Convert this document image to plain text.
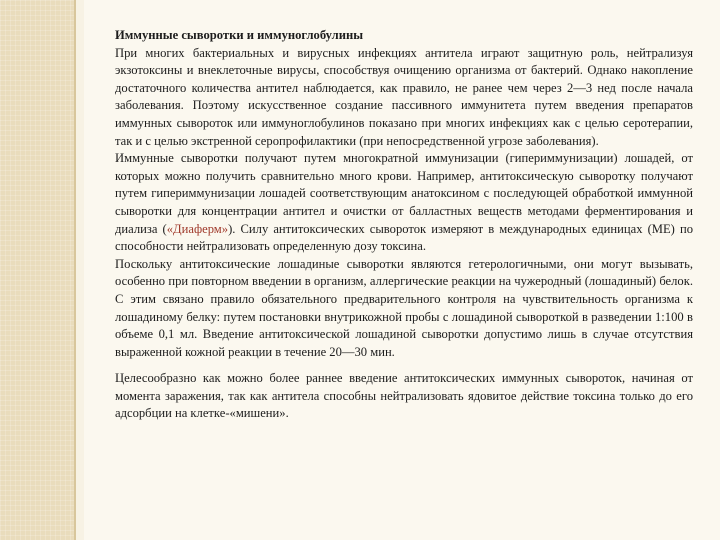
Иммунные сыворотки и иммуноглобулины

При многих бактериальных и вирусных инфекциях антитела играют защитную роль, нейтрализуя экзотоксины и внеклеточные вирусы, способствуя очищению организма от бактерий. Однако накопление достаточного количества антител наблюдается, как правило, не ранее чем через 2—3 нед после начала заболевания. Поэтому искусственное создание пассивного иммунитета путем введения препаратов иммунных сывороток или иммуноглобулинов показано при многих инфекциях как с целью серотерапии, так и с целью экстренной серопрофилактики (при непосредственной угрозе заболевания).

Иммунные сыворотки получают путем многократной иммунизации (гипериммунизации) лошадей, от которых можно получить сравнительно много крови. Например, антитоксическую сыворотку получают путем гипериммунизации лошадей соответствующим анатоксином с последующей обработкой иммунной сыворотки для концентрации антител и очистки от балластных веществ методами ферментирования и диализа («Диаферм»). Силу антитоксических сывороток измеряют в международных единицах (МЕ) по способности нейтрализовать определенную дозу токсина.

Поскольку антитоксические лошадиные сыворотки являются гетерологичными, они могут вызывать, особенно при повторном введении в организм, аллергические реакции на чужеродный (лошадиный) белок. С этим связано правило обязательного предварительного контроля на чувствительность организма к лошадиному белку: путем постановки внутрикожной пробы с лошадиной сывороткой в разведении 1:100 в объеме 0,1 мл. Введение антитоксической лошадиной сыворотки допустимо лишь в случае отсутствия выраженной кожной реакции в течение 20—30 мин.

Целесообразно как можно более раннее введение антитоксических иммунных сывороток, начиная от момента заражения, так как антитела способны нейтрализовать ядовитое действие токсина только до его адсорбции на клетке-«мишени».
